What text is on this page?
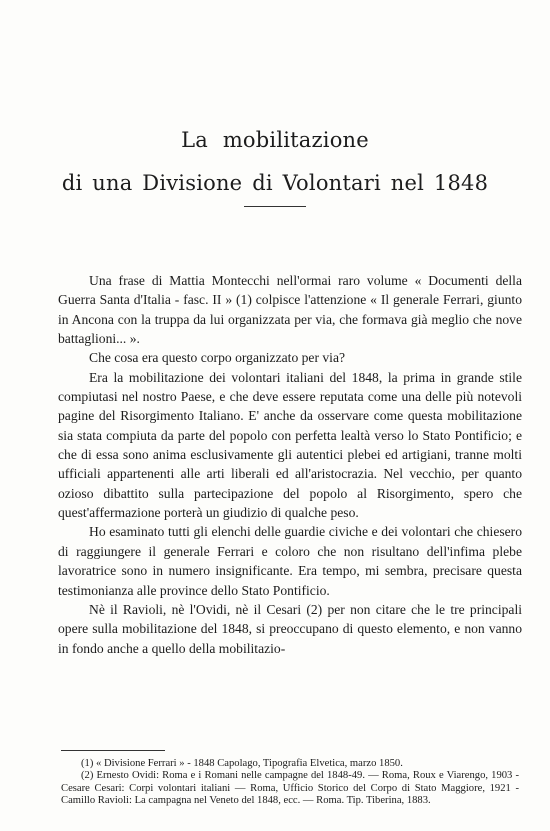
La mobilitazione
di una Divisione di Volontari nel 1848

Una frase di Mattia Montecchi nell'ormai raro volume « Documenti della Guerra Santa d'Italia - fasc. II » (1) colpisce l'attenzione « Il generale Ferrari, giunto in Ancona con la truppa da lui organizzata per via, che formava già meglio che nove battaglioni... ».

Che cosa era questo corpo organizzato per via?

Era la mobilitazione dei volontari italiani del 1848, la prima in grande stile compiutasi nel nostro Paese, e che deve essere reputata come una delle più notevoli pagine del Risorgimento Italiano. E' anche da osservare come questa mobilitazione sia stata compiuta da parte del popolo con perfetta lealtà verso lo Stato Pontificio; e che di essa sono anima esclusivamente gli autentici plebei ed artigiani, tranne molti ufficiali appartenenti alle arti liberali ed all'aristocrazia. Nel vecchio, per quanto ozioso dibattito sulla partecipazione del popolo al Risorgimento, spero che quest'affermazione porterà un giudizio di qualche peso.

Ho esaminato tutti gli elenchi delle guardie civiche e dei volontari che chiesero di raggiungere il generale Ferrari e coloro che non risultano dell'infima plebe lavoratrice sono in numero insignificante. Era tempo, mi sembra, precisare questa testimonianza alle province dello Stato Pontificio.

Nè il Ravioli, nè l'Ovidi, nè il Cesari (2) per non citare che le tre principali opere sulla mobilitazione del 1848, si preoccupano di questo elemento, e non vanno in fondo anche a quello della mobilitazio-

(1) « Divisione Ferrari » - 1848 Capolago, Tipografia Elvetica, marzo 1850.

(2) Ernesto Ovidi: Roma e i Romani nelle campagne del 1848-49. — Roma, Roux e Viarengo, 1903 - Cesare Cesari: Corpi volontari italiani — Roma, Ufficio Storico del Corpo di Stato Maggiore, 1921 - Camillo Ravioli: La campagna nel Veneto del 1848, ecc. — Roma. Tip. Tiberina, 1883.
